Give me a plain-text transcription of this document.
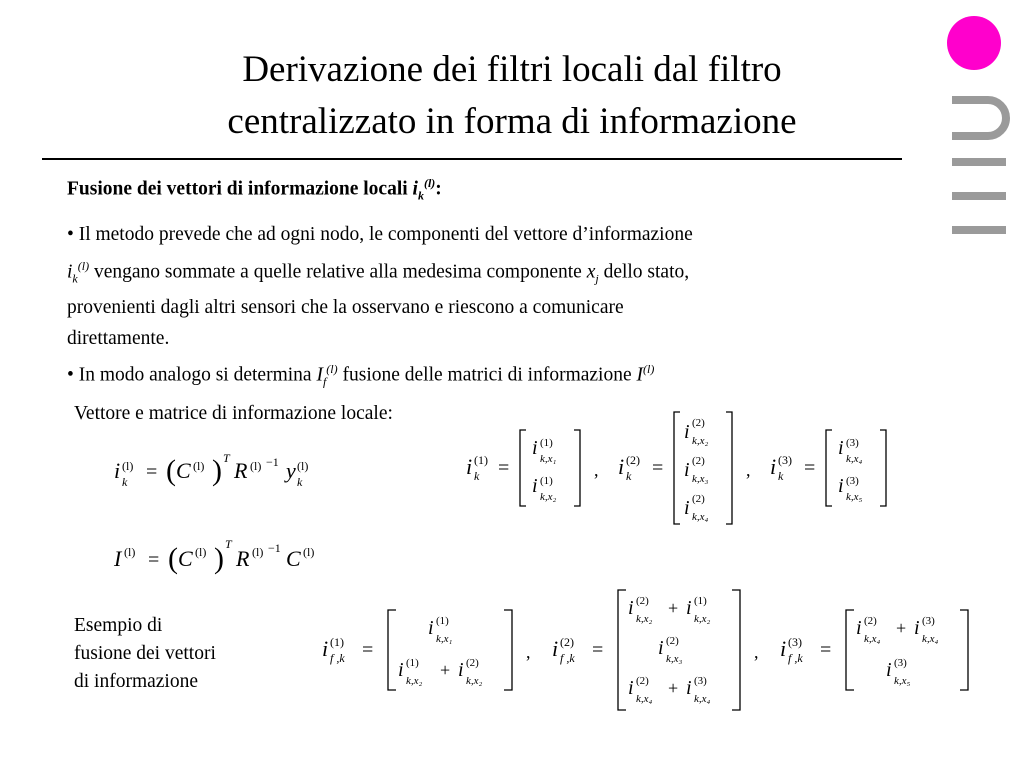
Derivazione dei filtri locali dal filtro
centralizzato in forma di informazione
Fusione dei vettori di informazione locali $i_k^{(l)}$:

• Il metodo prevede che ad ogni nodo, le componenti del vettore d’informazione
$i_k^{(l)}$ vengano sommate a quelle relative alla medesima componente $x_j$ dello stato,
provenienti dagli altri sensori che la osservano e riescono a comunicare
direttamente.

• In modo analogo si determina $I_f^{(l)}$ fusione delle matrici di informazione $I^{(l)}$

Vettore e matrice di informazione locale:
Esempio di
fusione dei vettori
di informazione
i (l)
k = ( C (l) ) T R (l) −1 y (l)
k
I (l) = ( C (l) ) T
R (l) −1 C (l)
i (1)
k =
i (1)
k,x₁
i (1)
k,x₂
, i (2)
k =
i (2)
k,x₂
i (2)
k,x₃
i (2)
k,x₄
, i (3)
k =
i (3)
k,x₄
i (3)
k,x₅
i (1)
f ,k =
i (1)
k,x₁
i (1)
k,x₂
+ i (2)
k,x₂
, i (2)
f ,k =
i (2)
k,x₂
+ i (1)
k,x₂
i (2)
k,x₃
i (2)
k,x₄
+ i (3)
k,x₄
, i (3)
f ,k =
i (2)
k,x₄
+ i (3)
k,x₄
i (3)
k,x₅
